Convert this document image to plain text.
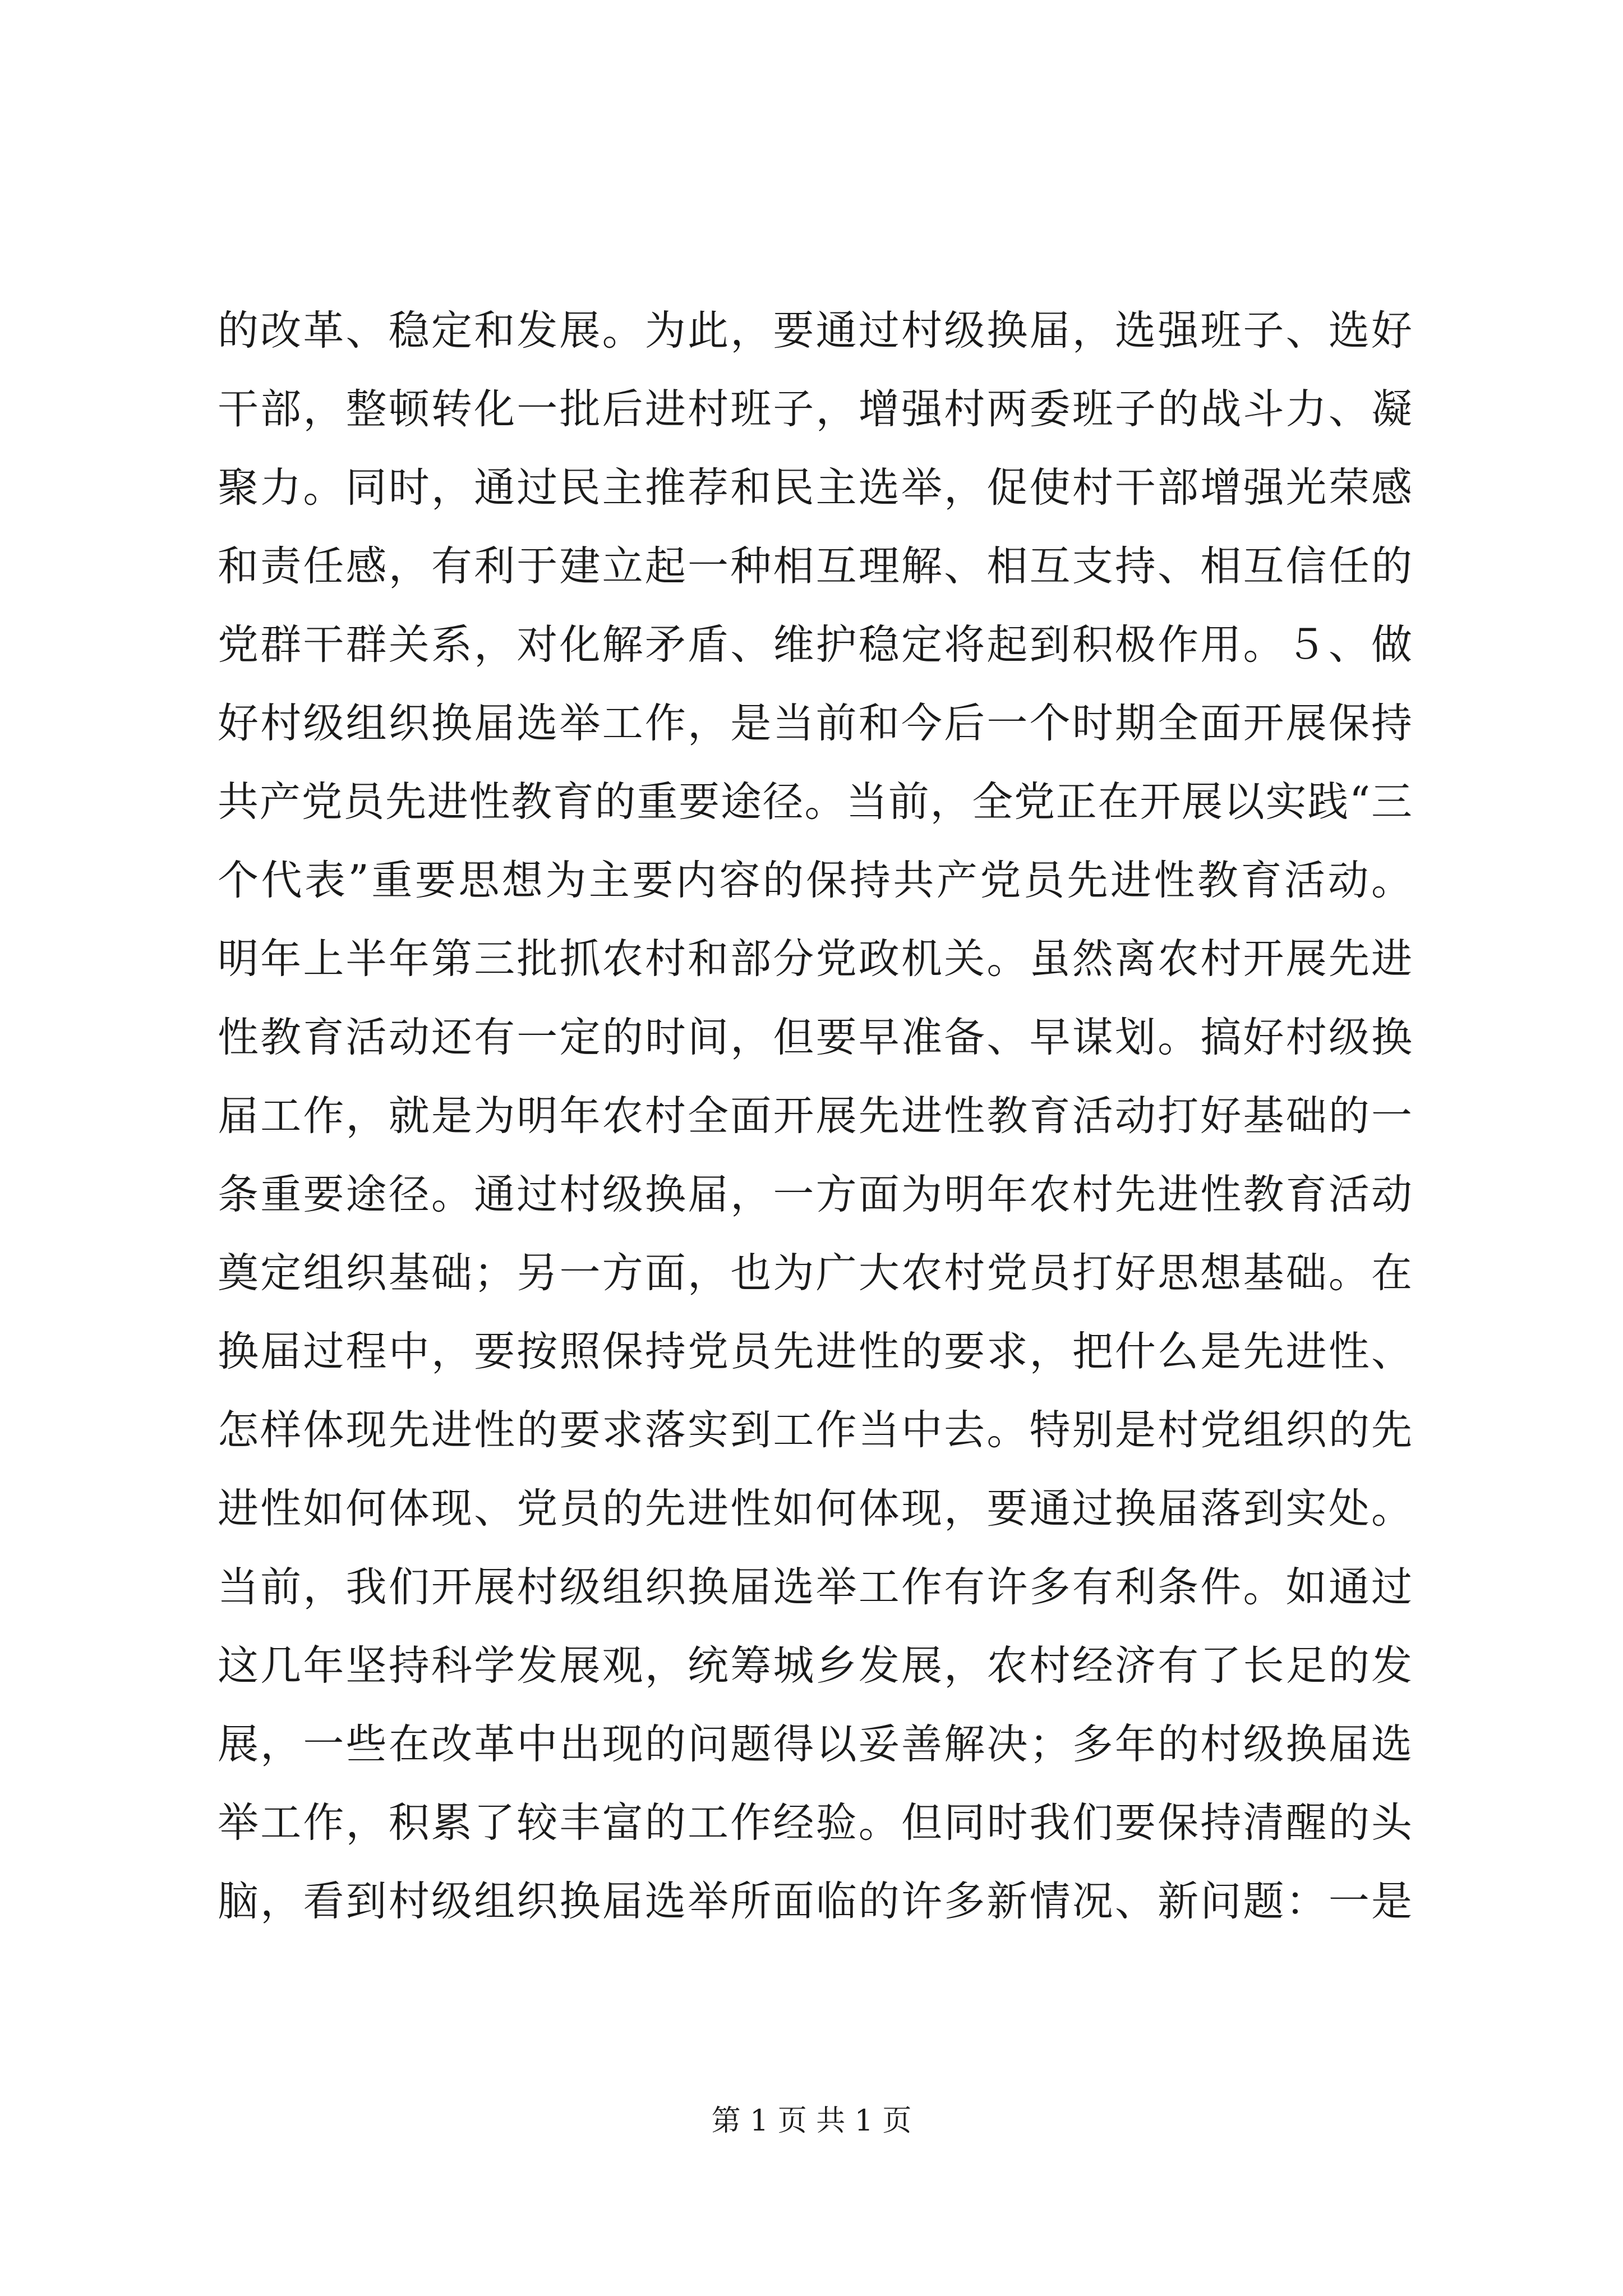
的改革、稳定和发展。为此，要通过村级换届，选强班子、选好
干部，整顿转化一批后进村班子，增强村两委班子的战斗力、凝
聚力。同时，通过民主推荐和民主选举，促使村干部增强光荣感
和责任感，有利于建立起一种相互理解、相互支持、相互信任的
党群干群关系，对化解矛盾、维护稳定将起到积极作用。５、做
好村级组织换届选举工作，是当前和今后一个时期全面开展保持
共产党员先进性教育的重要途径。当前，全党正在开展以实践“三
个代表”重要思想为主要内容的保持共产党员先进性教育活动。
明年上半年第三批抓农村和部分党政机关。虽然离农村开展先进
性教育活动还有一定的时间，但要早准备、早谋划。搞好村级换
届工作，就是为明年农村全面开展先进性教育活动打好基础的一
条重要途径。通过村级换届，一方面为明年农村先进性教育活动
奠定组织基础；另一方面，也为广大农村党员打好思想基础。在
换届过程中，要按照保持党员先进性的要求，把什么是先进性、
怎样体现先进性的要求落实到工作当中去。特别是村党组织的先
进性如何体现、党员的先进性如何体现，要通过换届落到实处。
当前，我们开展村级组织换届选举工作有许多有利条件。如通过
这几年坚持科学发展观，统筹城乡发展，农村经济有了长足的发
展，一些在改革中出现的问题得以妥善解决；多年的村级换届选
举工作，积累了较丰富的工作经验。但同时我们要保持清醒的头
脑，看到村级组织换届选举所面临的许多新情况、新问题：一是
第 1 页 共 1 页
